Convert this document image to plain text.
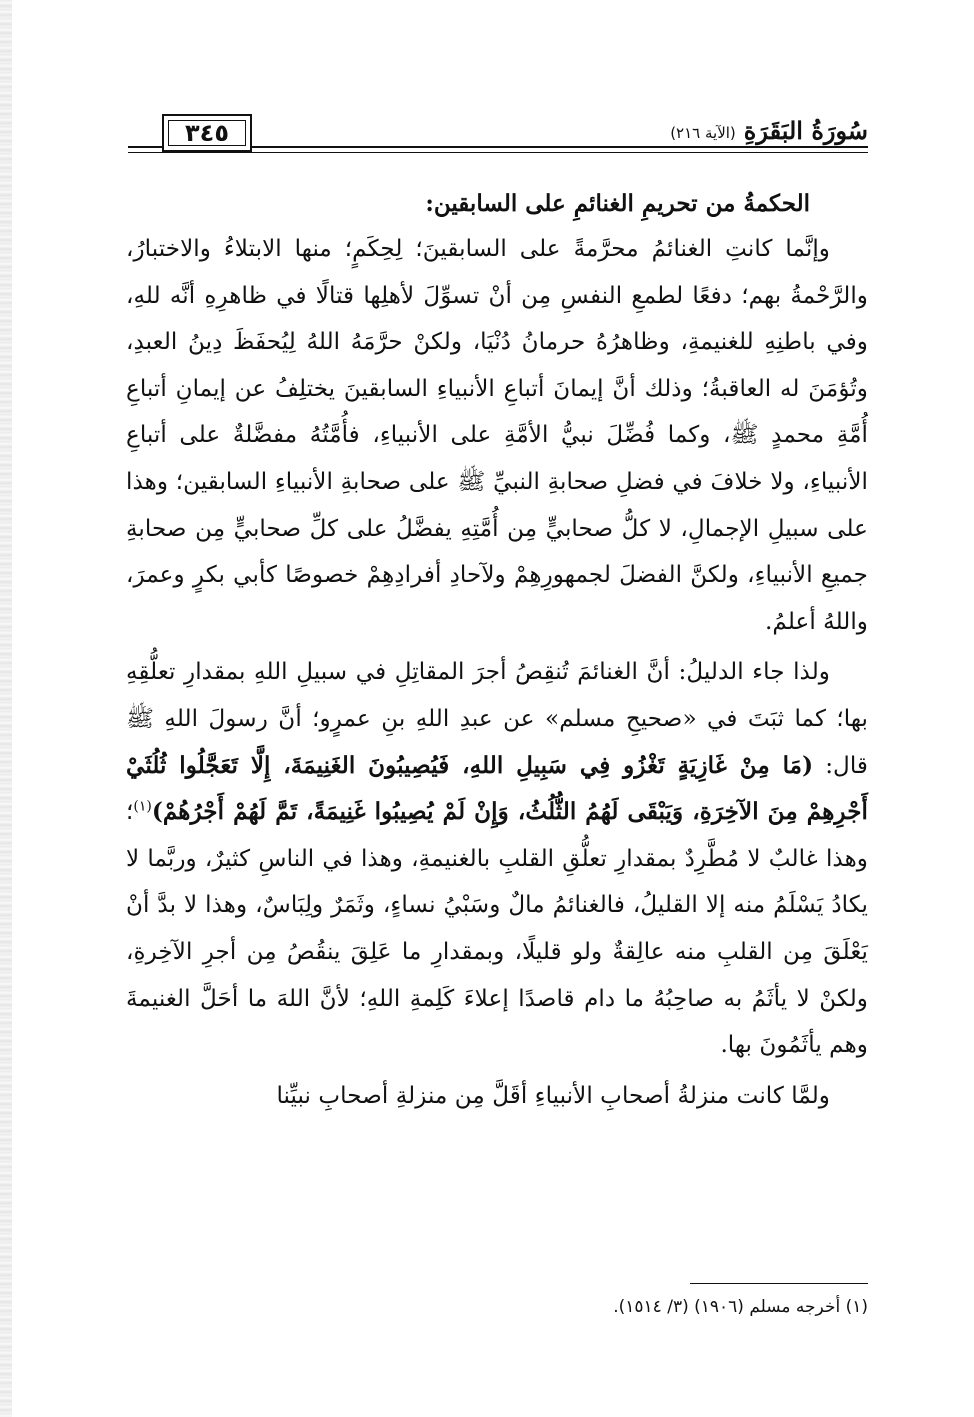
٣٤٥	سُورَةُ البَقَرَةِ
(الآية ٢١٦)
الحكمةُ من تحريمِ الغنائمِ على السابقين:

وإنَّما كانتِ الغنائمُ محرَّمةً على السابقينَ؛ لِحِكَمٍ؛ منها الابتلاءُ والاختبارُ، والرَّحْمةُ بهم؛ دفعًا لطمعِ النفسِ مِن أنْ تسوِّلَ لأهلِها قتالًا في ظاهرِهِ أنَّه للهِ، وفي باطنِهِ للغنيمةِ، وظاهرُهُ حرمانُ دُنْيَا، ولكنْ حرَّمَهُ اللهُ لِيُحفَظَ دِينُ العبدِ، وتُؤمَنَ له العاقبةُ؛ وذلك أنَّ إيمانَ أتباعِ الأنبياءِ السابقينَ يختلِفُ عن إيمانِ أتباعِ أُمَّةِ محمدٍ ﷺ، وكما فُضِّلَ نبيُّ الأمَّةِ على الأنبياءِ، فأُمَّتُهُ مفضَّلةٌ على أتباعِ الأنبياءِ، ولا خلافَ في فضلِ صحابةِ النبيِّ ﷺ على صحابةِ الأنبياءِ السابقين؛ وهذا على سبيلِ الإجمالِ، لا كلُّ صحابيٍّ مِن أُمَّتِهِ يفضَّلُ على كلِّ صحابيٍّ مِن صحابةِ جميعِ الأنبياءِ، ولكنَّ الفضلَ لجمهورِهِمْ ولآحادِ أفرادِهِمْ خصوصًا كأبي بكرٍ وعمرَ، واللهُ أعلمُ.

ولذا جاء الدليلُ: أنَّ الغنائمَ تُنقِصُ أجرَ المقاتِلِ في سبيلِ اللهِ بمقدارِ تعلُّقِهِ بها؛ كما ثبَتَ في «صحيحِ مسلم» عن عبدِ اللهِ بنِ عمرٍو؛ أنَّ رسولَ اللهِ ﷺ قال: (مَا مِنْ غَازِيَةٍ تَغْزُو فِي سَبِيلِ اللهِ، فَيُصِيبُونَ الغَنِيمَةَ، إِلَّا تَعَجَّلُوا ثُلُثَيْ أَجْرِهِمْ مِنَ الآخِرَةِ، وَيَبْقَى لَهُمُ الثُّلُثُ، وَإِنْ لَمْ يُصِيبُوا غَنِيمَةً، تَمَّ لَهُمْ أَجْرُهُمْ)$^{(١)}$؛ وهذا غالبٌ لا مُطَّرِدٌ بمقدارِ تعلُّقِ القلبِ بالغنيمةِ، وهذا في الناسِ كثيرٌ، وربَّما لا يكادُ يَسْلَمُ منه إلا القليلُ، فالغنائمُ مالٌ وسَبْيُ نساءٍ، وثَمَرٌ ولِبَاسٌ، وهذا لا بدَّ أنْ يَعْلَقَ مِن القلبِ منه عالِقةٌ ولو قليلًا، وبمقدارِ ما عَلِقَ ينقُصُ مِن أجرِ الآخِرةِ، ولكنْ لا يأثَمُ به صاحِبُهُ ما دام قاصدًا إعلاءَ كَلِمةِ اللهِ؛ لأنَّ اللهَ ما أحَلَّ الغنيمةَ وهم يأثَمُونَ بها.

ولمَّا كانت منزلةُ أصحابِ الأنبياءِ أقَلَّ مِن منزلةِ أصحابِ نبيِّنا

(١) أخرجه مسلم (١٩٠٦) (٣/ ١٥١٤).
